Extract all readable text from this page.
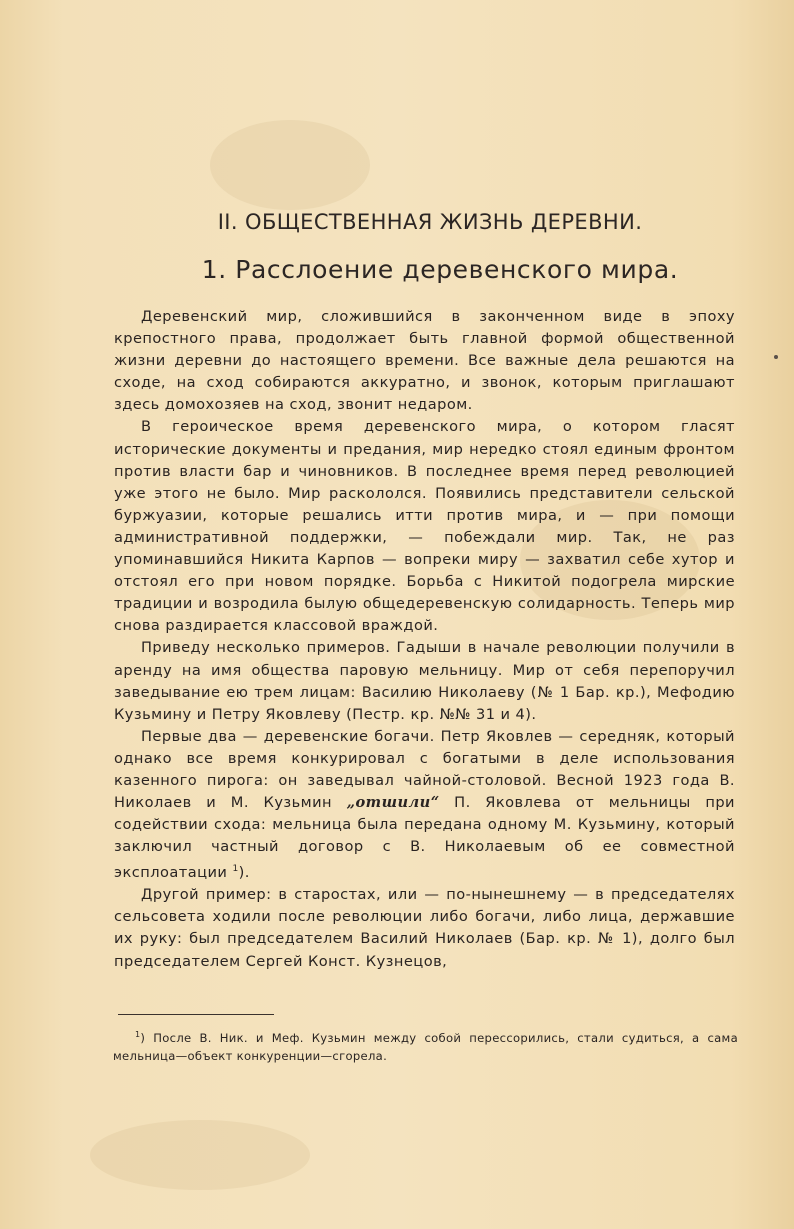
II. ОБЩЕСТВЕННАЯ ЖИЗНЬ ДЕРЕВНИ.
1. Расслоение деревенского мира.

Деревенский мир, сложившийся в законченном виде в эпоху крепостного права, продолжает быть главной формой общественной жизни деревни до настоящего времени. Все важные дела решаются на сходе, на сход собираются аккуратно, и звонок, которым приглашают здесь домохозяев на сход, звонит недаром.

В героическое время деревенского мира, о котором гласят исторические документы и предания, мир нередко стоял единым фронтом против власти бар и чиновников. В последнее время перед революцией уже этого не было. Мир раскололся. Появились представители сельской буржуазии, которые решались итти против мира, и — при помощи административной поддержки, — побеждали мир. Так, не раз упоминавшийся Никита Карпов — вопреки миру — захватил себе хутор и отстоял его при новом порядке. Борьба с Никитой подогрела мирские традиции и возродила былую общедеревенскую солидарность. Теперь мир снова раздирается классовой враждой.

Приведу несколько примеров. Гадыши в начале революции получили в аренду на имя общества паровую мельницу. Мир от себя перепоручил заведывание ею трем лицам: Василию Николаеву (№ 1 Бар. кр.), Мефодию Кузьмину и Петру Яковлеву (Пестр. кр. №№ 31 и 4).

Первые два — деревенские богачи. Петр Яковлев — середняк, который однако все время конкурировал с богатыми в деле использования казенного пирога: он заведывал чайной-столовой. Весной 1923 года В. Николаев и М. Кузьмин „отшили“ П. Яковлева от мельницы при содействии схода: мельница была передана одному М. Кузьмину, который заключил частный договор с В. Николаевым об ее совместной эксплоатации $^1$).

Другой пример: в старостах, или — по-нынешнему — в председателях сельсовета ходили после революции либо богачи, либо лица, державшие их руку: был председателем Василий Николаев (Бар. кр. № 1), долго был председателем Сергей Конст. Кузнецов,

$^1$) После В. Ник. и Меф. Кузьмин между собой перессорились, стали судиться, а сама мельница—объект конкуренции—сгорела.
